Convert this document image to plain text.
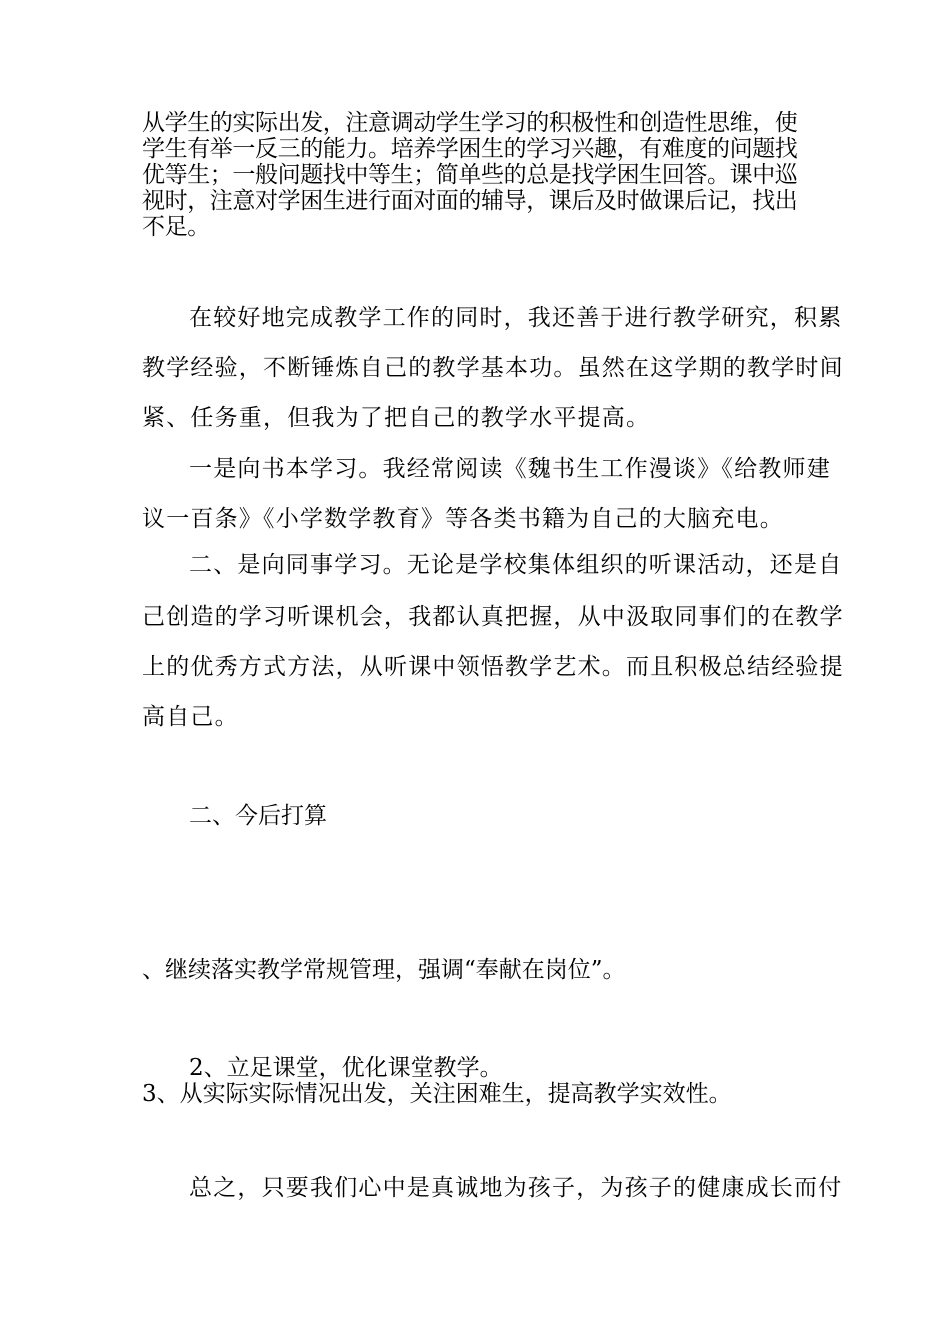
从学生的实际出发，注意调动学生学习的积极性和创造性思维，使
学生有举一反三的能力。培养学困生的学习兴趣，有难度的问题找
优等生；一般问题找中等生；简单些的总是找学困生回答。课中巡
视时，注意对学困生进行面对面的辅导，课后及时做课后记，找出
不足。
在较好地完成教学工作的同时，我还善于进行教学研究，积累
教学经验，不断锤炼自己的教学基本功。虽然在这学期的教学时间
紧、任务重，但我为了把自己的教学水平提高。
一是向书本学习。我经常阅读《魏书生工作漫谈》《给教师建
议一百条》《小学数学教育》等各类书籍为自己的大脑充电。
二、是向同事学习。无论是学校集体组织的听课活动，还是自
己创造的学习听课机会，我都认真把握，从中汲取同事们的在教学
上的优秀方式方法，从听课中领悟教学艺术。而且积极总结经验提
高自己。
二、今后打算
、继续落实教学常规管理，强调“奉献在岗位”。
2、立足课堂，优化课堂教学。
3、从实际实际情况出发，关注困难生，提高教学实效性。
总之，只要我们心中是真诚地为孩子，为孩子的健康成长而付
